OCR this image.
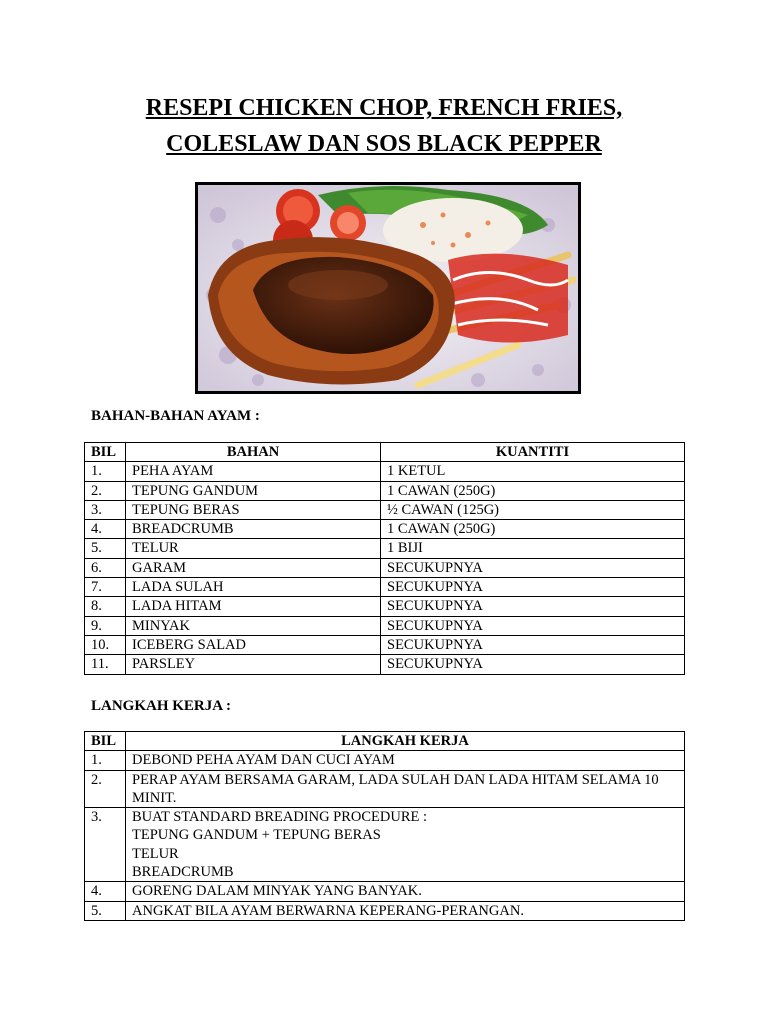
RESEPI CHICKEN CHOP, FRENCH FRIES,
COLESLAW DAN SOS BLACK PEPPER
BAHAN-BAHAN AYAM :
BIL	BAHAN	KUANTITI
1.	PEHA AYAM	1 KETUL
2.	TEPUNG GANDUM	1 CAWAN (250G)
3.	TEPUNG BERAS	½ CAWAN (125G)
4.	BREADCRUMB	1 CAWAN (250G)
5.	TELUR	1 BIJI
6.	GARAM	SECUKUPNYA
7.	LADA SULAH	SECUKUPNYA
8.	LADA HITAM	SECUKUPNYA
9.	MINYAK	SECUKUPNYA
10.	ICEBERG SALAD	SECUKUPNYA
11.	PARSLEY	SECUKUPNYA
LANGKAH KERJA :
BIL	LANGKAH KERJA
1.	DEBOND PEHA AYAM DAN CUCI AYAM

2.	PERAP AYAM BERSAMA GARAM, LADA SULAH DAN LADA HITAM SELAMA 10 MINIT.

3.	BUAT STANDARD BREADING PROCEDURE :
TEPUNG GANDUM + TEPUNG BERAS
TELUR
BREADCRUMB

4.	GORENG DALAM MINYAK YANG BANYAK.

5.	ANGKAT BILA AYAM BERWARNA KEPERANG-PERANGAN.
